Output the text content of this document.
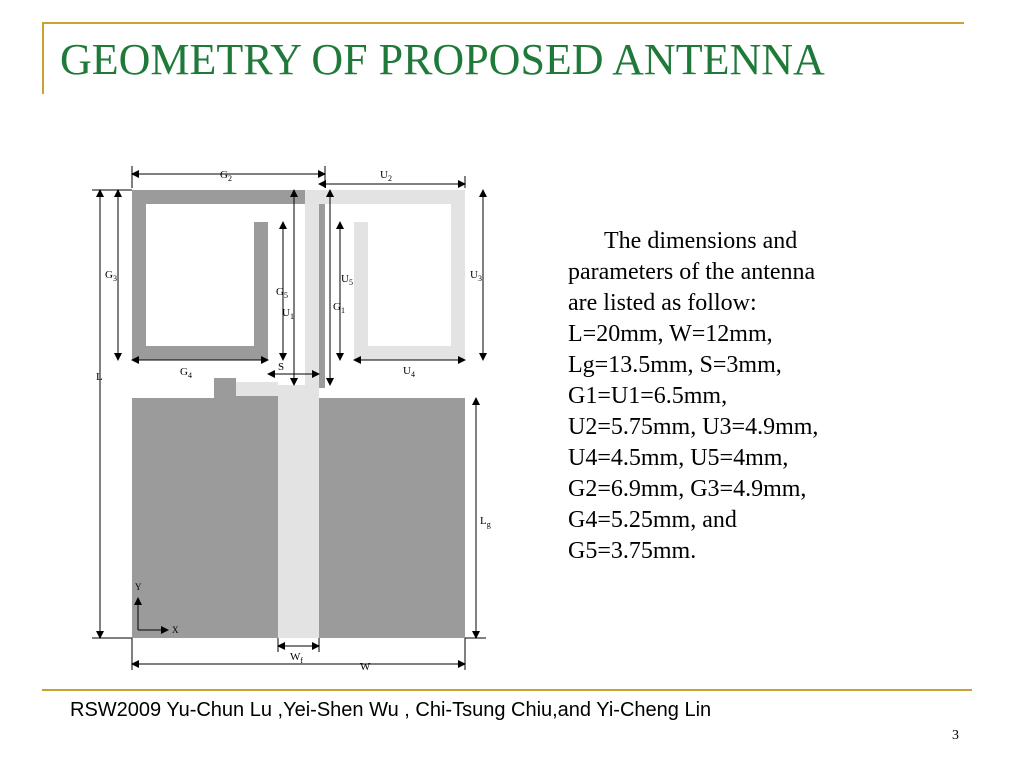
GEOMETRY OF PROPOSED ANTENNA
$G_2$	$U_2$
$G_3$	$U_3$
$G_5$
$U_1$
$U_5$
$G_1$
L	$G_4$
S	$U_4$
$L_g$
Y
X
$W_f$
W
The dimensions and
parameters of the antenna
are listed as follow:
L=20mm, W=12mm,
Lg=13.5mm, S=3mm,
G1=U1=6.5mm,
U2=5.75mm, U3=4.9mm,
U4=4.5mm, U5=4mm,
G2=6.9mm, G3=4.9mm,
G4=5.25mm, and
G5=3.75mm.
RSW2009 Yu-Chun Lu ,Yei-Shen Wu , Chi-Tsung Chiu,and Yi-Cheng Lin
3
